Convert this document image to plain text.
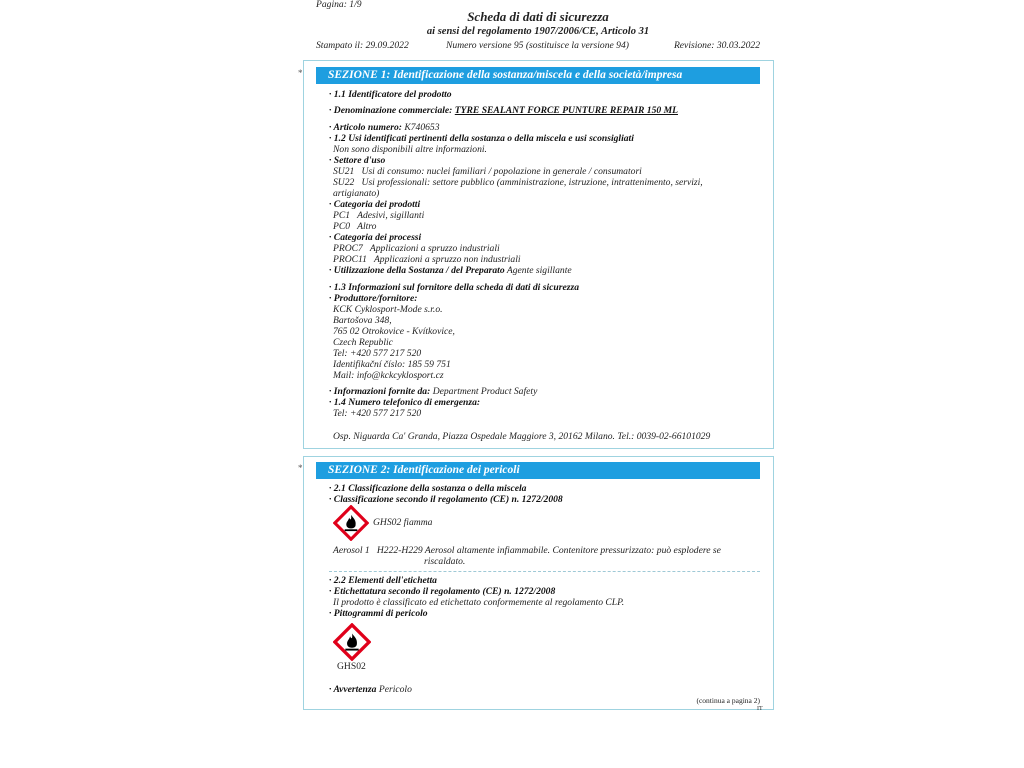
Pagina: 1/9
Scheda di dati di sicurezza
ai sensi del regolamento 1907/2006/CE, Articolo 31
Stampato il: 29.09.2022	Numero versione 95 (sostituisce la versione 94)	Revisione: 30.03.2022
*	SEZIONE 1: Identificazione della sostanza/miscela e della società/impresa
· 1.1 Identificatore del prodotto
· Denominazione commerciale: TYRE SEALANT FORCE PUNTURE REPAIR 150 ML
· Articolo numero: K740653
· 1.2 Usi identificati pertinenti della sostanza o della miscela e usi sconsigliati
Non sono disponibili altre informazioni.
· Settore d'uso
SU21   Usi di consumo: nuclei familiari / popolazione in generale / consumatori
SU22   Usi professionali: settore pubblico (amministrazione, istruzione, intrattenimento, servizi,
artigianato)
· Categoria dei prodotti
PC1   Adesivi, sigillanti
PC0   Altro
· Categoria dei processi
PROC7   Applicazioni a spruzzo industriali
PROC11   Applicazioni a spruzzo non industriali
· Utilizzazione della Sostanza / del Preparato Agente sigillante
· 1.3 Informazioni sul fornitore della scheda di dati di sicurezza
· Produttore/fornitore:
KCK Cyklosport-Mode s.r.o.
Bartošova 348,
765 02 Otrokovice - Kvítkovice,
Czech Republic
Tel: +420 577 217 520
Identifikační číslo: 185 59 751
Mail: info@kckcyklosport.cz
· Informazioni fornite da: Department Product Safety
· 1.4 Numero telefonico di emergenza:
Tel: +420 577 217 520
Osp. Niguarda Ca' Granda, Piazza Ospedale Maggiore 3, 20162 Milano. Tel.: 0039-02-66101029
*	SEZIONE 2: Identificazione dei pericoli
· 2.1 Classificazione della sostanza o della miscela
· Classificazione secondo il regolamento (CE) n. 1272/2008
GHS02 fiamma
Aerosol 1   H222-H229 Aerosol altamente infiammabile. Contenitore pressurizzato: può esplodere se
riscaldato.
· 2.2 Elementi dell'etichetta
· Etichettatura secondo il regolamento (CE) n. 1272/2008
Il prodotto è classificato ed etichettato conformemente al regolamento CLP.
· Pittogrammi di pericolo
GHS02
· Avvertenza Pericolo
(continua a pagina 2)
IT
